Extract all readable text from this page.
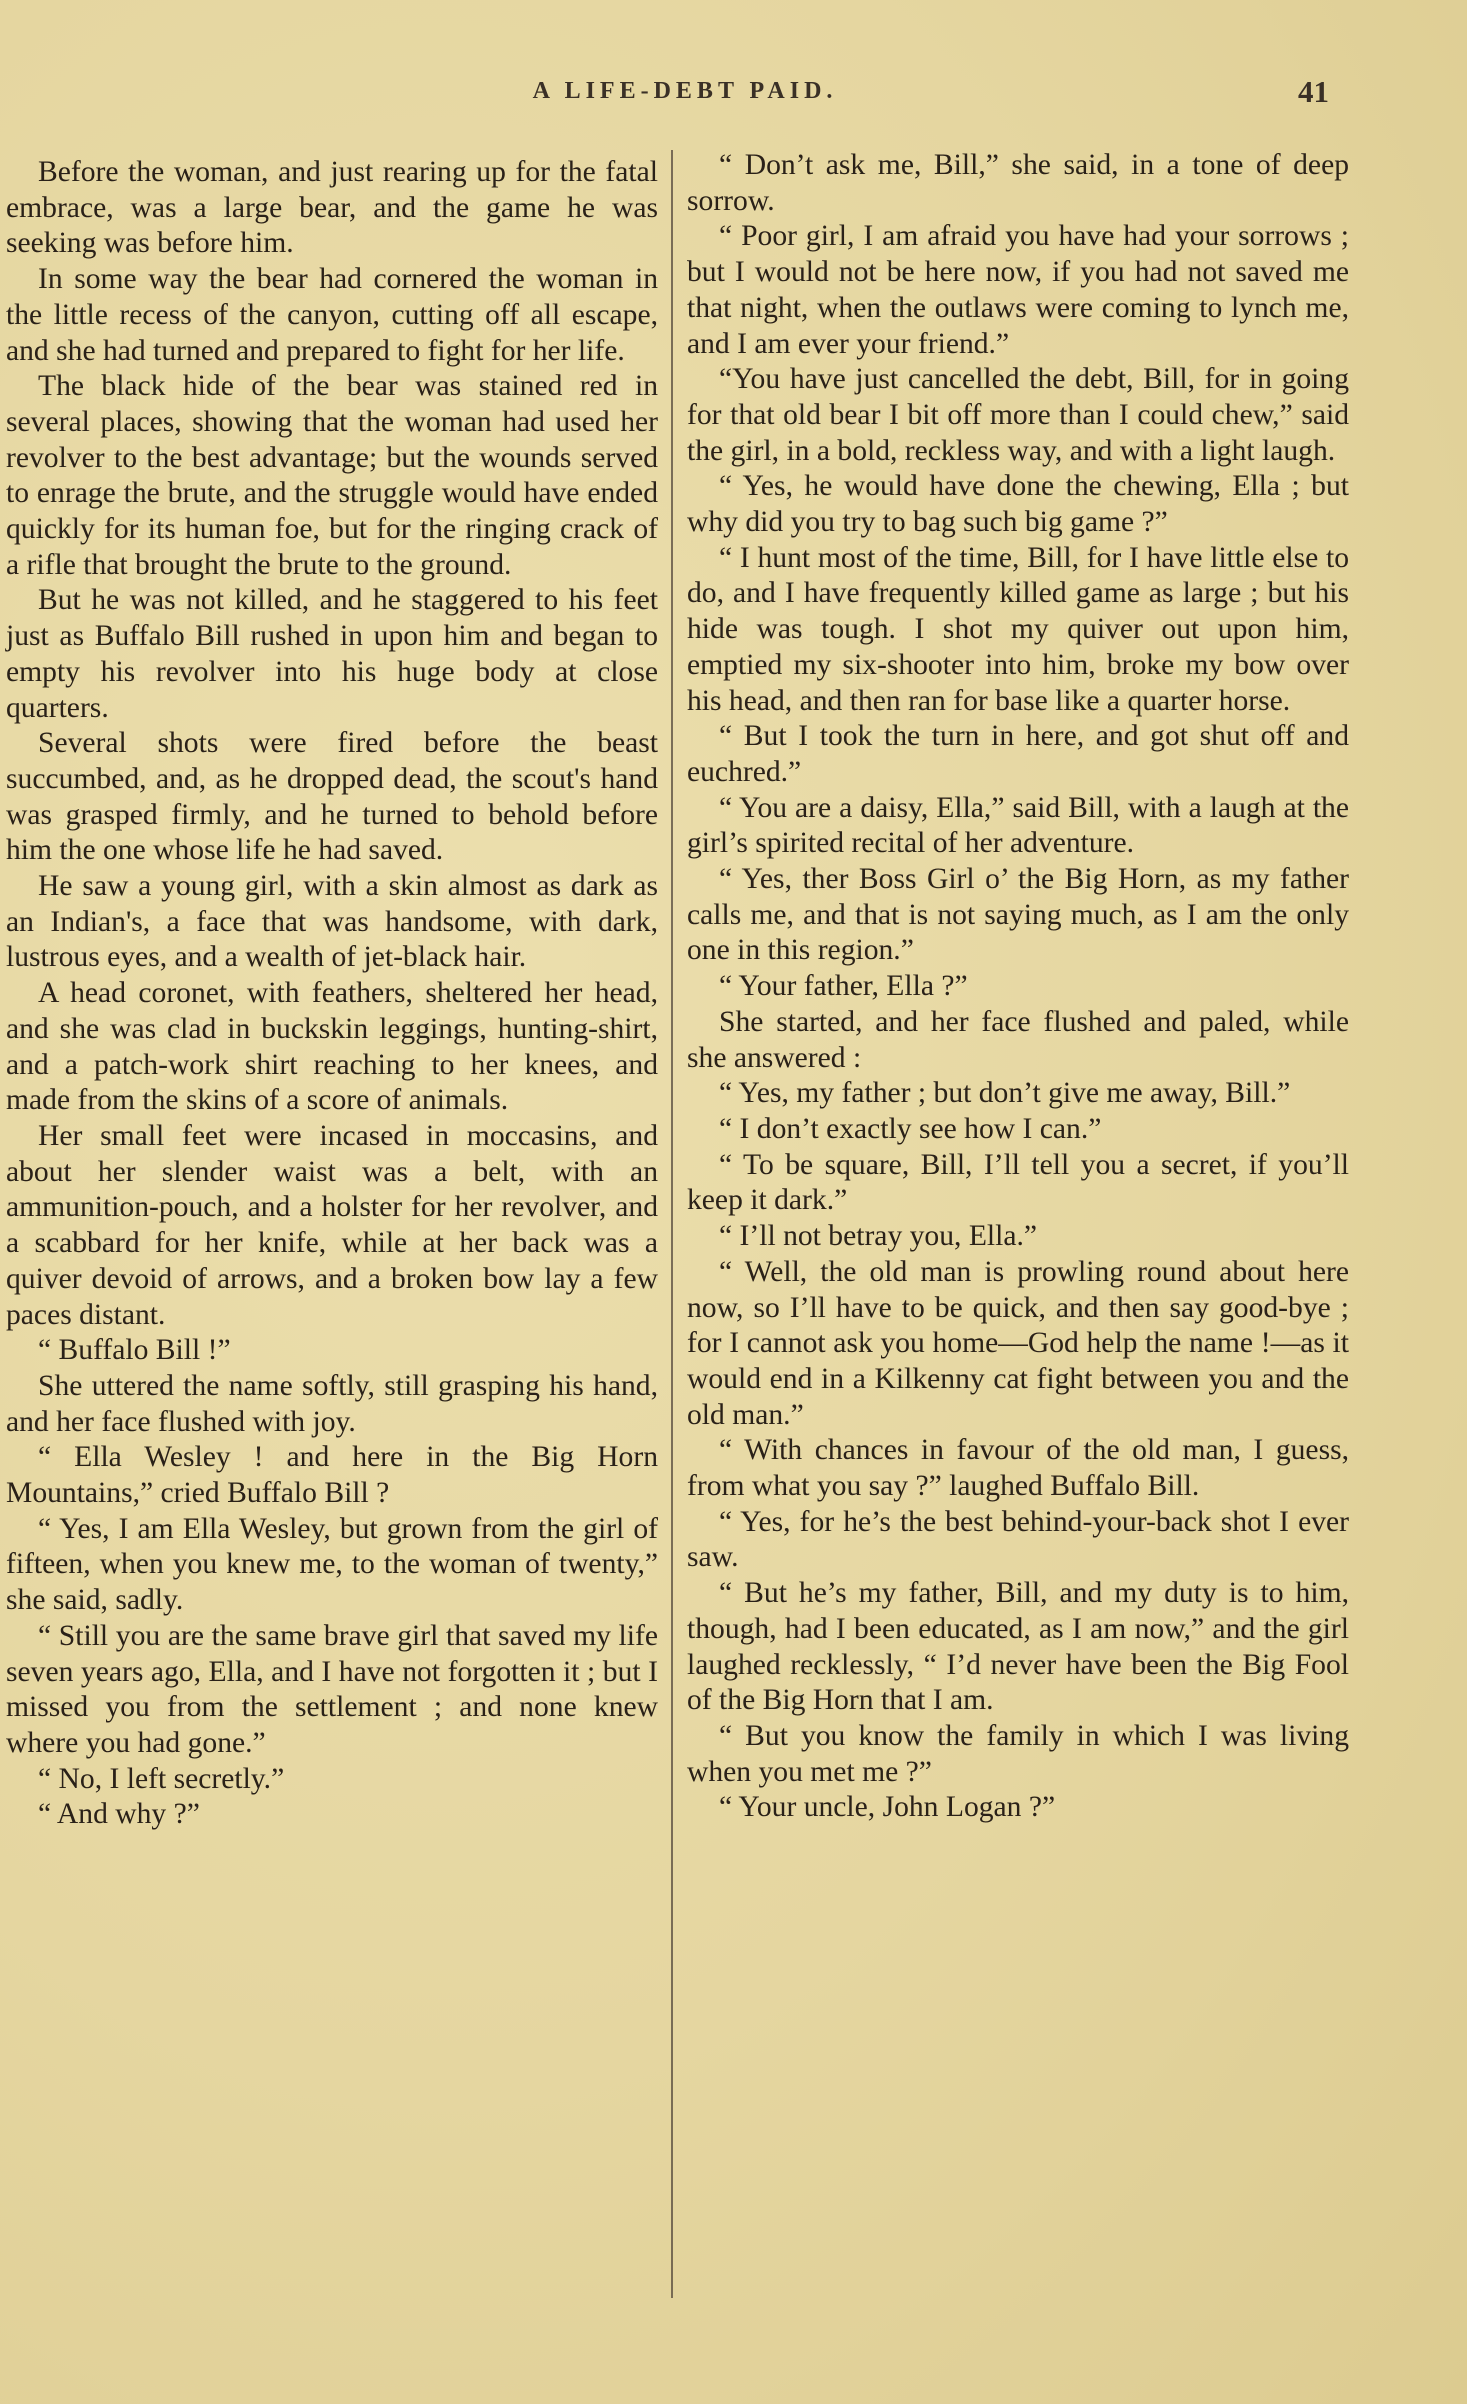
A LIFE-DEBT PAID.	41

Before the woman, and just rearing up for the fatal embrace, was a large bear, and the game he was seeking was before him.

In some way the bear had cornered the woman in the little recess of the canyon, cutting off all escape, and she had turned and prepared to fight for her life.

The black hide of the bear was stained red in several places, showing that the woman had used her revolver to the best advantage; but the wounds served to enrage the brute, and the struggle would have ended quickly for its human foe, but for the ringing crack of a rifle that brought the brute to the ground.

But he was not killed, and he staggered to his feet just as Buffalo Bill rushed in upon him and began to empty his revolver into his huge body at close quarters.

Several shots were fired before the beast succumbed, and, as he dropped dead, the scout's hand was grasped firmly, and he turned to behold before him the one whose life he had saved.

He saw a young girl, with a skin almost as dark as an Indian's, a face that was handsome, with dark, lustrous eyes, and a wealth of jet-black hair.

A head coronet, with feathers, sheltered her head, and she was clad in buckskin leggings, hunting-shirt, and a patch-work shirt reaching to her knees, and made from the skins of a score of animals.

Her small feet were incased in moccasins, and about her slender waist was a belt, with an ammunition-pouch, and a holster for her revolver, and a scabbard for her knife, while at her back was a quiver devoid of arrows, and a broken bow lay a few paces distant.

“ Buffalo Bill !”

She uttered the name softly, still grasping his hand, and her face flushed with joy.

“ Ella Wesley ! and here in the Big Horn Mountains,” cried Buffalo Bill ?

“ Yes, I am Ella Wesley, but grown from the girl of fifteen, when you knew me, to the woman of twenty,” she said, sadly.

“ Still you are the same brave girl that saved my life seven years ago, Ella, and I have not forgotten it ; but I missed you from the settlement ; and none knew where you had gone.”

“ No, I left secretly.”

“ And why ?”

“ Don’t ask me, Bill,” she said, in a tone of deep sorrow.

“ Poor girl, I am afraid you have had your sorrows ; but I would not be here now, if you had not saved me that night, when the outlaws were coming to lynch me, and I am ever your friend.”

“You have just cancelled the debt, Bill, for in going for that old bear I bit off more than I could chew,” said the girl, in a bold, reckless way, and with a light laugh.

“ Yes, he would have done the chewing, Ella ; but why did you try to bag such big game ?”

“ I hunt most of the time, Bill, for I have little else to do, and I have frequently killed game as large ; but his hide was tough. I shot my quiver out upon him, emptied my six-shooter into him, broke my bow over his head, and then ran for base like a quarter horse.

“ But I took the turn in here, and got shut off and euchred.”

“ You are a daisy, Ella,” said Bill, with a laugh at the girl’s spirited recital of her adventure.

“ Yes, ther Boss Girl o’ the Big Horn, as my father calls me, and that is not saying much, as I am the only one in this region.”

“ Your father, Ella ?”

She started, and her face flushed and paled, while she answered :

“ Yes, my father ; but don’t give me away, Bill.”

“ I don’t exactly see how I can.”

“ To be square, Bill, I’ll tell you a secret, if you’ll keep it dark.”

“ I’ll not betray you, Ella.”

“ Well, the old man is prowling round about here now, so I’ll have to be quick, and then say good-bye ; for I cannot ask you home—God help the name !—as it would end in a Kilkenny cat fight between you and the old man.”

“ With chances in favour of the old man, I guess, from what you say ?” laughed Buffalo Bill.

“ Yes, for he’s the best behind-your-back shot I ever saw.

“ But he’s my father, Bill, and my duty is to him, though, had I been educated, as I am now,” and the girl laughed recklessly, “ I’d never have been the Big Fool of the Big Horn that I am.

“ But you know the family in which I was living when you met me ?”

“ Your uncle, John Logan ?”
